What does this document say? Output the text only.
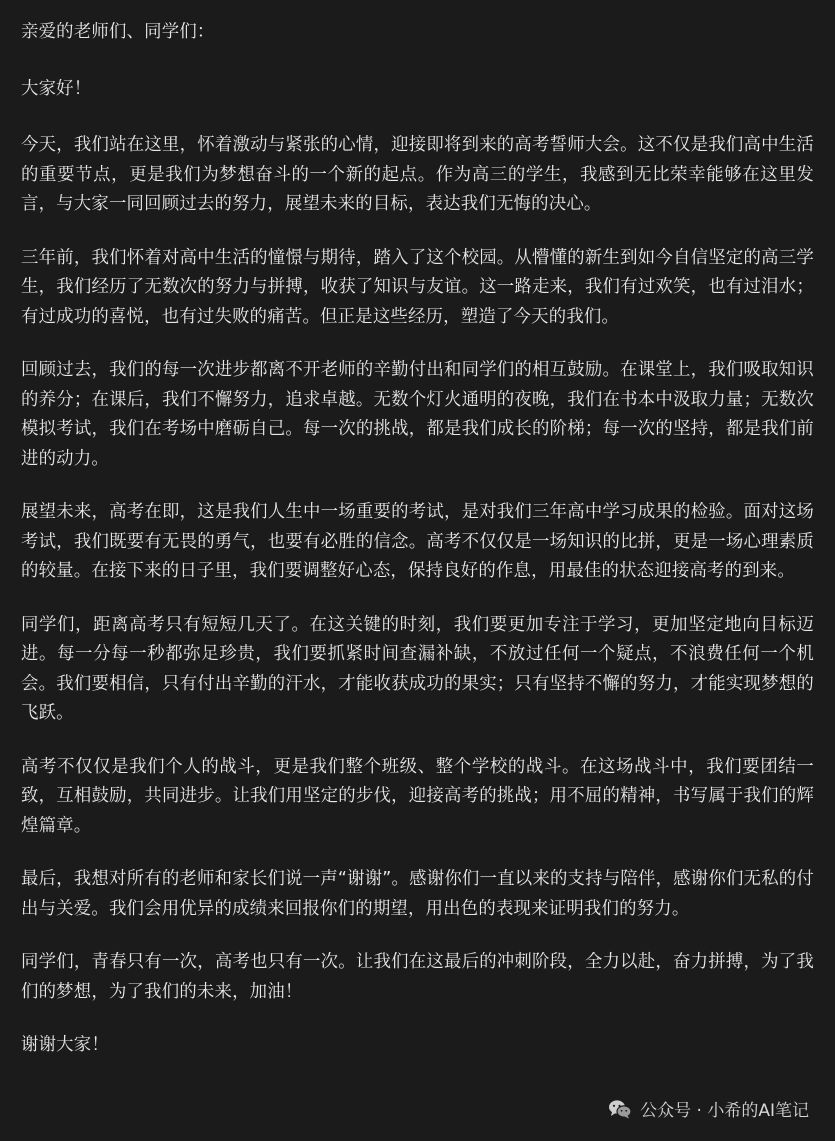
亲爱的老师们、同学们：

大家好！

今天，我们站在这里，怀着激动与紧张的心情，迎接即将到来的高考誓师大会。这不仅是我们高中生活的重要节点，更是我们为梦想奋斗的一个新的起点。作为高三的学生，我感到无比荣幸能够在这里发言，与大家一同回顾过去的努力，展望未来的目标，表达我们无悔的决心。

三年前，我们怀着对高中生活的憧憬与期待，踏入了这个校园。从懵懂的新生到如今自信坚定的高三学生，我们经历了无数次的努力与拼搏，收获了知识与友谊。这一路走来，我们有过欢笑，也有过泪水；有过成功的喜悦，也有过失败的痛苦。但正是这些经历，塑造了今天的我们。

回顾过去，我们的每一次进步都离不开老师的辛勤付出和同学们的相互鼓励。在课堂上，我们吸取知识的养分；在课后，我们不懈努力，追求卓越。无数个灯火通明的夜晚，我们在书本中汲取力量；无数次模拟考试，我们在考场中磨砺自己。每一次的挑战，都是我们成长的阶梯；每一次的坚持，都是我们前进的动力。

展望未来，高考在即，这是我们人生中一场重要的考试，是对我们三年高中学习成果的检验。面对这场考试，我们既要有无畏的勇气，也要有必胜的信念。高考不仅仅是一场知识的比拼，更是一场心理素质的较量。在接下来的日子里，我们要调整好心态，保持良好的作息，用最佳的状态迎接高考的到来。

同学们，距离高考只有短短几天了。在这关键的时刻，我们要更加专注于学习，更加坚定地向目标迈进。每一分每一秒都弥足珍贵，我们要抓紧时间查漏补缺，不放过任何一个疑点，不浪费任何一个机会。我们要相信，只有付出辛勤的汗水，才能收获成功的果实；只有坚持不懈的努力，才能实现梦想的飞跃。

高考不仅仅是我们个人的战斗，更是我们整个班级、整个学校的战斗。在这场战斗中，我们要团结一致，互相鼓励，共同进步。让我们用坚定的步伐，迎接高考的挑战；用不屈的精神，书写属于我们的辉煌篇章。

最后，我想对所有的老师和家长们说一声“谢谢”。感谢你们一直以来的支持与陪伴，感谢你们无私的付出与关爱。我们会用优异的成绩来回报你们的期望，用出色的表现来证明我们的努力。

同学们，青春只有一次，高考也只有一次。让我们在这最后的冲刺阶段，全力以赴，奋力拼搏，为了我们的梦想，为了我们的未来，加油！

谢谢大家！

公众号 · 小希的AI笔记
